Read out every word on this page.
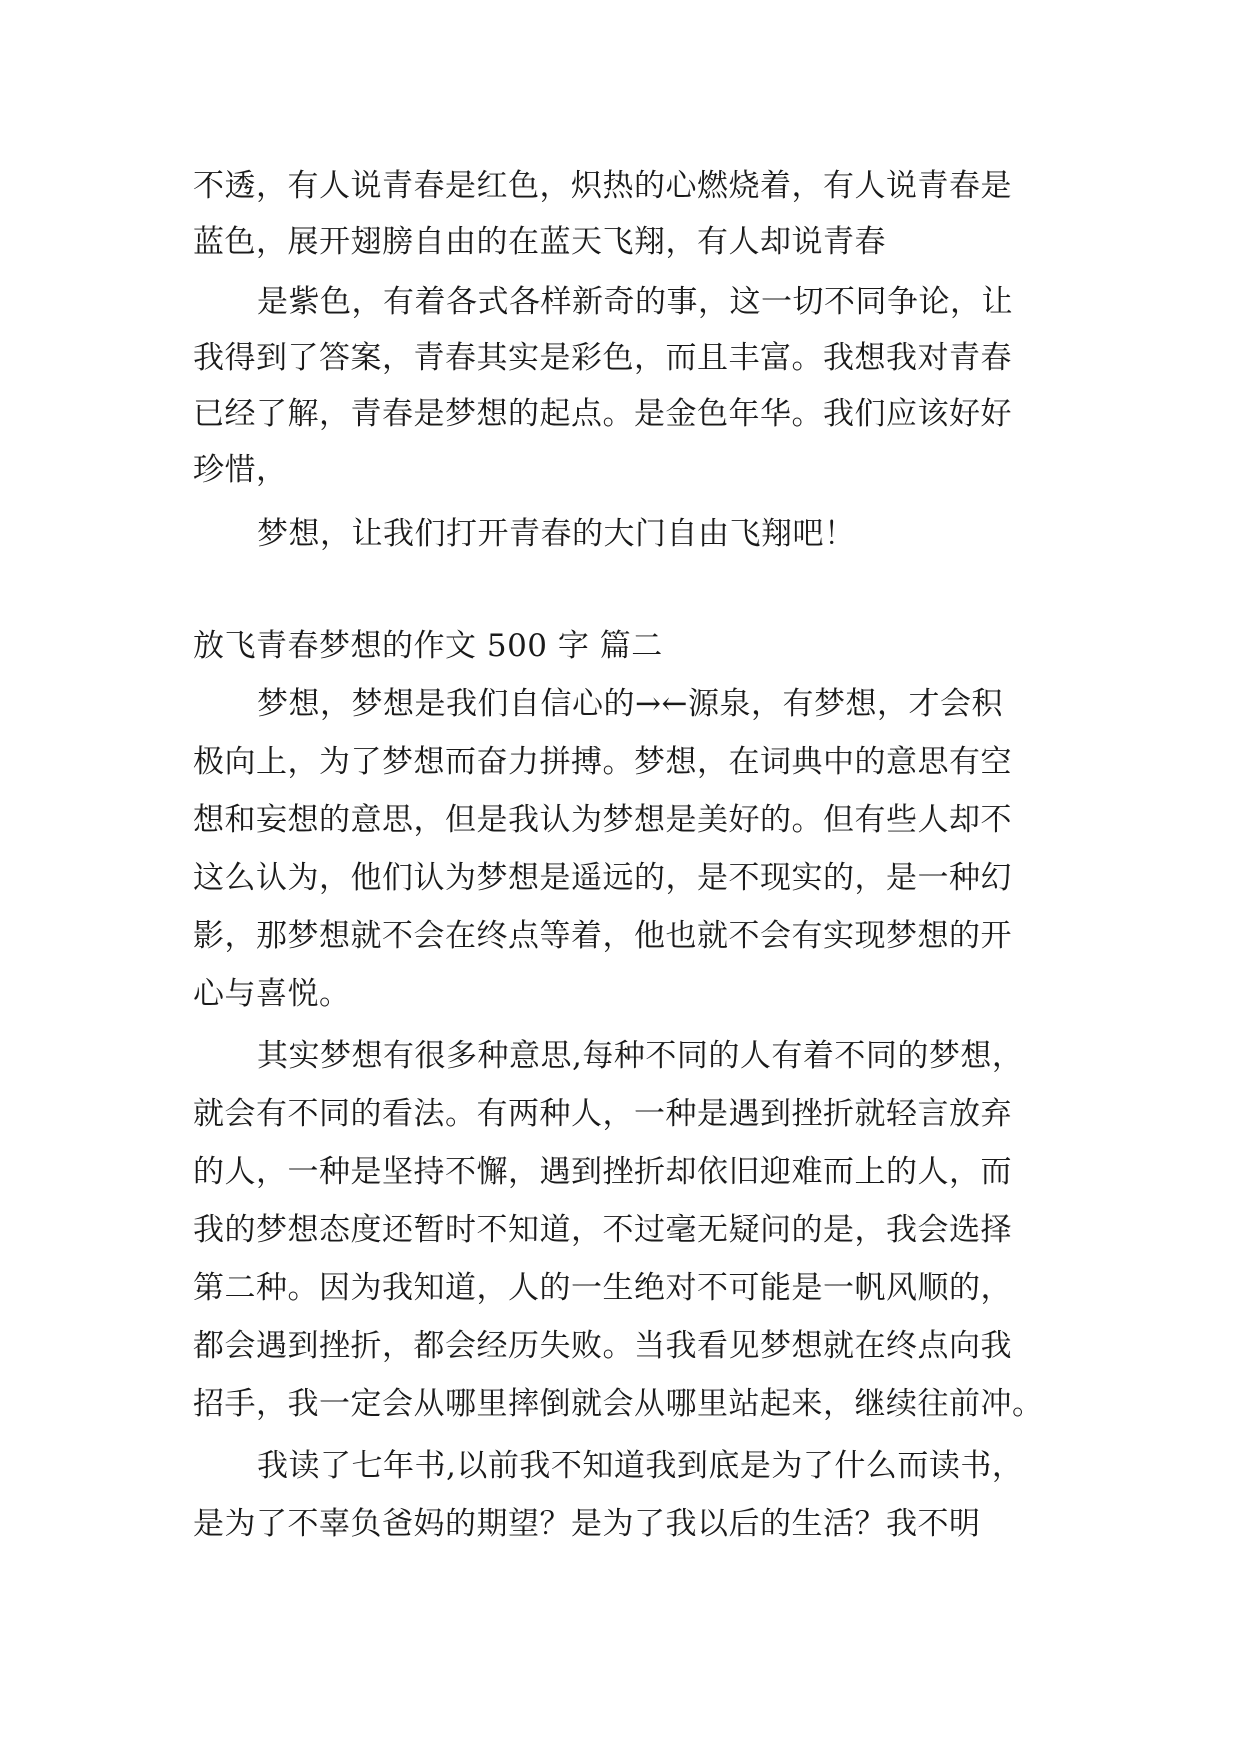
不透，有人说青春是红色，炽热的心燃烧着，有人说青春是
蓝色，展开翅膀自由的在蓝天飞翔，有人却说青春
是紫色，有着各式各样新奇的事，这一切不同争论，让
我得到了答案，青春其实是彩色，而且丰富。我想我对青春
已经了解，青春是梦想的起点。是金色年华。我们应该好好
珍惜，
梦想，让我们打开青春的大门自由飞翔吧！
放飞青春梦想的作文 500 字 篇二
梦想，梦想是我们自信心的→←源泉，有梦想，才会积
极向上，为了梦想而奋力拼搏。梦想，在词典中的意思有空
想和妄想的意思，但是我认为梦想是美好的。但有些人却不
这么认为，他们认为梦想是遥远的，是不现实的，是一种幻
影，那梦想就不会在终点等着，他也就不会有实现梦想的开
心与喜悦。
其实梦想有很多种意思,每种不同的人有着不同的梦想，
就会有不同的看法。有两种人，一种是遇到挫折就轻言放弃
的人，一种是坚持不懈，遇到挫折却依旧迎难而上的人，而
我的梦想态度还暂时不知道，不过毫无疑问的是，我会选择
第二种。因为我知道，人的一生绝对不可能是一帆风顺的，
都会遇到挫折，都会经历失败。当我看见梦想就在终点向我
招手，我一定会从哪里摔倒就会从哪里站起来，继续往前冲。
我读了七年书,以前我不知道我到底是为了什么而读书，
是为了不辜负爸妈的期望？是为了我以后的生活？我不明
